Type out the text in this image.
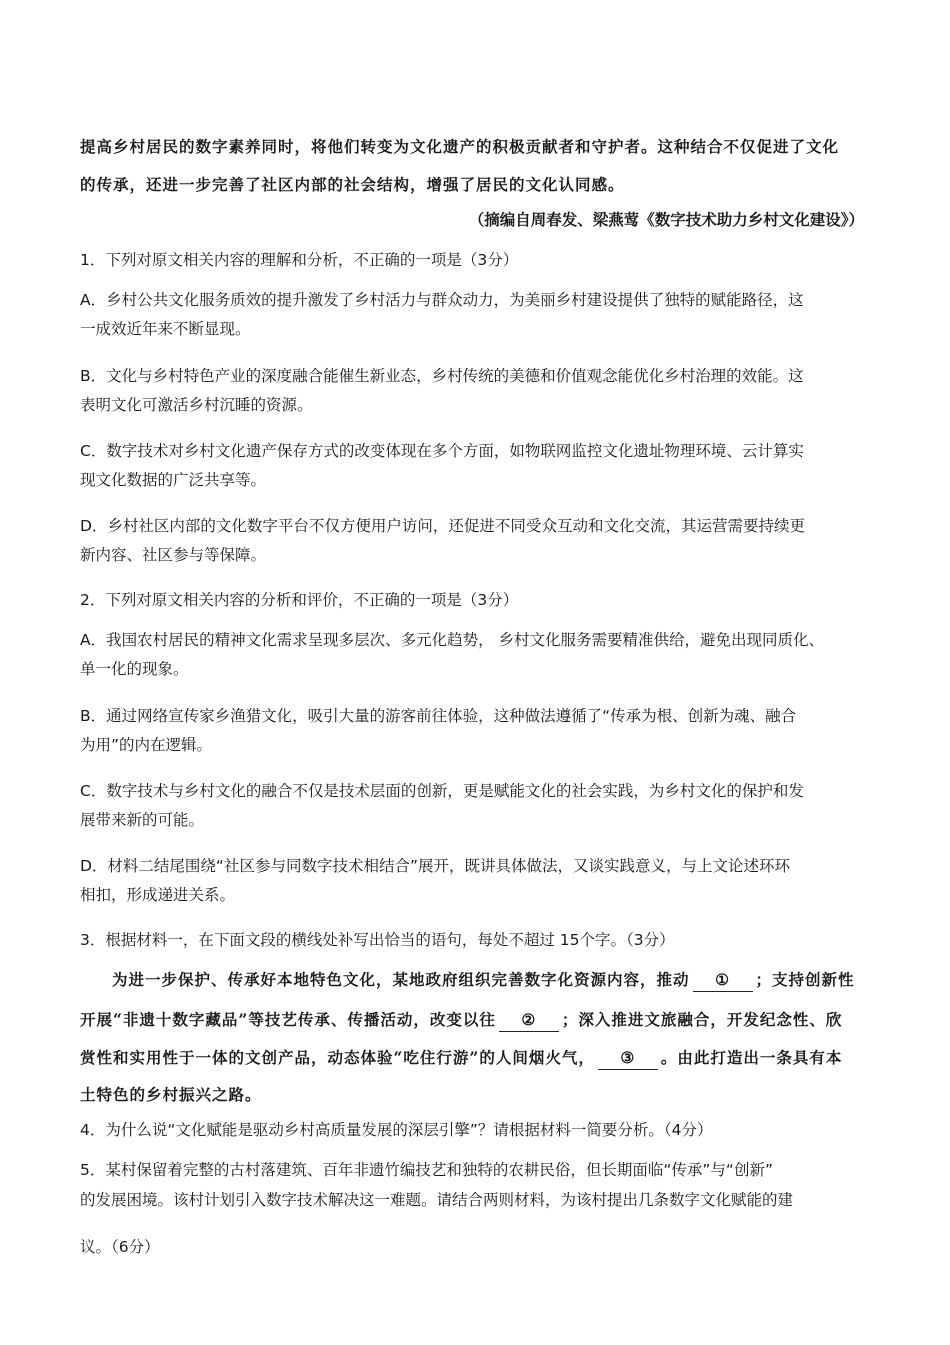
提高乡村居民的数字素养同时，将他们转变为文化遗产的积极贡献者和守护者。这种结合不仅促进了文化
的传承，还进一步完善了社区内部的社会结构，增强了居民的文化认同感。
（摘编自周春发、梁燕莺《数字技术助力乡村文化建设》）
1．下列对原文相关内容的理解和分析，不正确的一项是（3分）
A．乡村公共文化服务质效的提升激发了乡村活力与群众动力，为美丽乡村建设提供了独特的赋能路径，这
一成效近年来不断显现。
B．文化与乡村特色产业的深度融合能催生新业态，乡村传统的美德和价值观念能优化乡村治理的效能。这
表明文化可激活乡村沉睡的资源。
C．数字技术对乡村文化遗产保存方式的改变体现在多个方面，如物联网监控文化遗址物理环境、云计算实
现文化数据的广泛共享等。
D．乡村社区内部的文化数字平台不仅方便用户访问，还促进不同受众互动和文化交流，其运营需要持续更
新内容、社区参与等保障。
2．下列对原文相关内容的分析和评价，不正确的一项是（3分）
A．我国农村居民的精神文化需求呈现多层次、多元化趋势， 乡村文化服务需要精准供给，避免出现同质化、
单一化的现象。
B．通过网络宣传家乡渔猎文化，吸引大量的游客前往体验，这种做法遵循了“传承为根、创新为魂、融合
为用”的内在逻辑。
C．数字技术与乡村文化的融合不仅是技术层面的创新，更是赋能文化的社会实践，为乡村文化的保护和发
展带来新的可能。
D．材料二结尾围绕“社区参与同数字技术相结合”展开，既讲具体做法，又谈实践意义，与上文论述环环
相扣，形成递进关系。
3．根据材料一，在下面文段的横线处补写出恰当的语句，每处不超过 15个字。（3分）
为进一步保护、传承好本地特色文化，某地政府组织完善数字化资源内容，推动 ① ；支持创新性
开展“非遗十数字藏品”等技艺传承、传播活动，改变以往 ② ；深入推进文旅融合，开发纪念性、欣
赏性和实用性于一体的文创产品，动态体验“吃住行游”的人间烟火气， ③ 。由此打造出一条具有本
土特色的乡村振兴之路。
4．为什么说“文化赋能是驱动乡村高质量发展的深层引擎”？请根据材料一简要分析。（4分）
5．某村保留着完整的古村落建筑、百年非遗竹编技艺和独特的农耕民俗，但长期面临“传承”与“创新”
的发展困境。该村计划引入数字技术解决这一难题。请结合两则材料，为该村提出几条数字文化赋能的建
议。（6分）
